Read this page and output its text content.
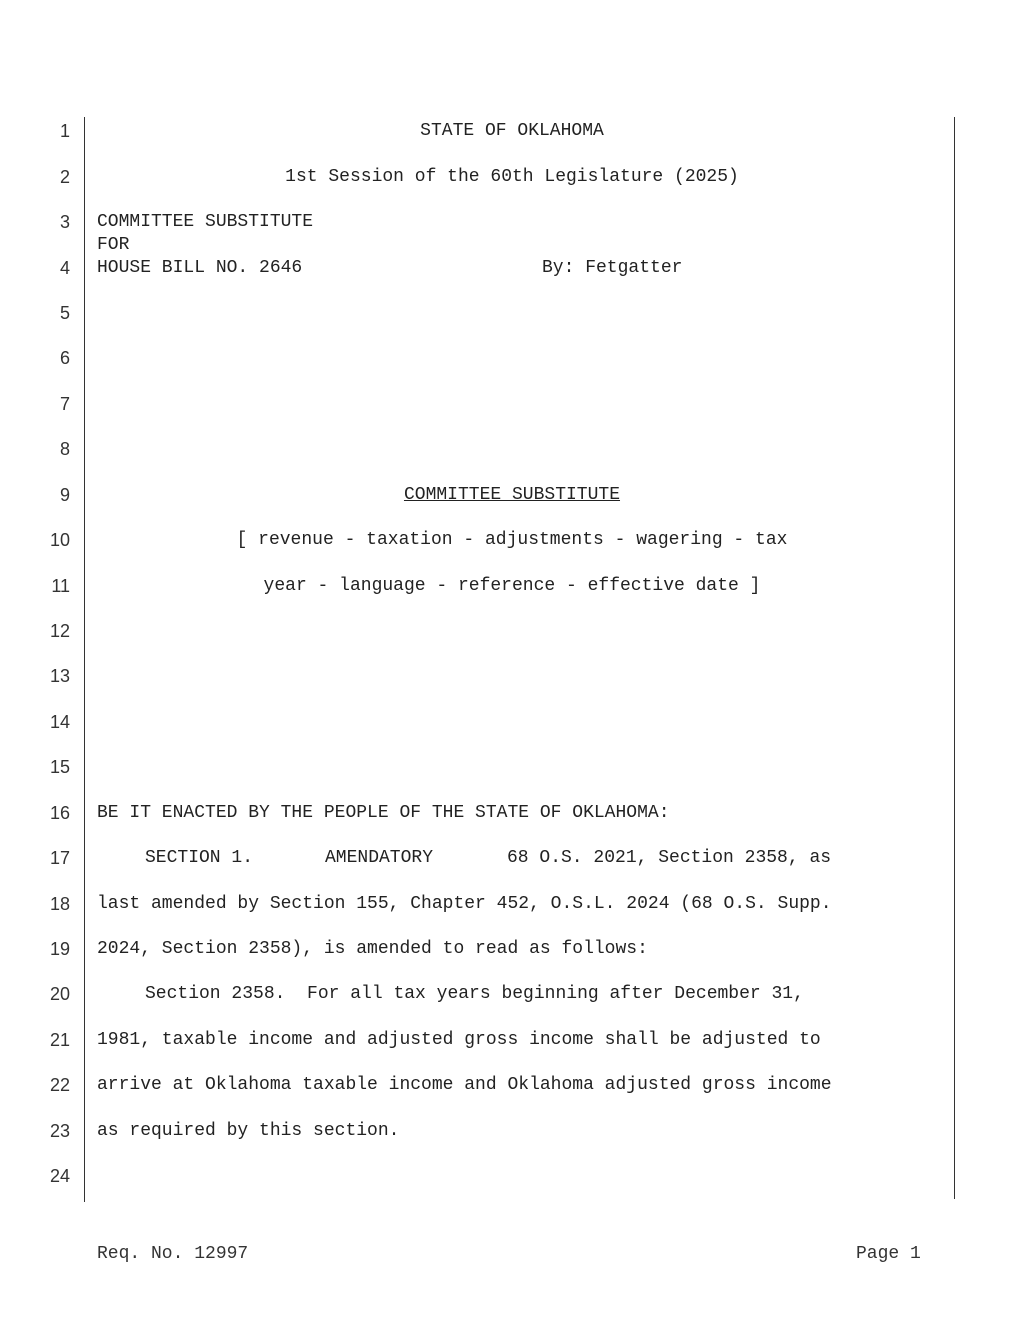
1
2
3
4
5
6
7
8
9
10
11
12
13
14
15
16
17
18
19
20
21
22
23
24
STATE OF OKLAHOMA
1st Session of the 60th Legislature (2025)
COMMITTEE SUBSTITUTE
FOR
HOUSE BILL NO. 2646	By: Fetgatter
COMMITTEE SUBSTITUTE
[ revenue - taxation - adjustments - wagering - tax
year - language - reference - effective date ]
BE IT ENACTED BY THE PEOPLE OF THE STATE OF OKLAHOMA:
SECTION 1.	AMENDATORY	68 O.S. 2021, Section 2358, as
last amended by Section 155, Chapter 452, O.S.L. 2024 (68 O.S. Supp.
2024, Section 2358), is amended to read as follows:
Section 2358.  For all tax years beginning after December 31,
1981, taxable income and adjusted gross income shall be adjusted to
arrive at Oklahoma taxable income and Oklahoma adjusted gross income
as required by this section.
Req. No. 12997	Page 1
